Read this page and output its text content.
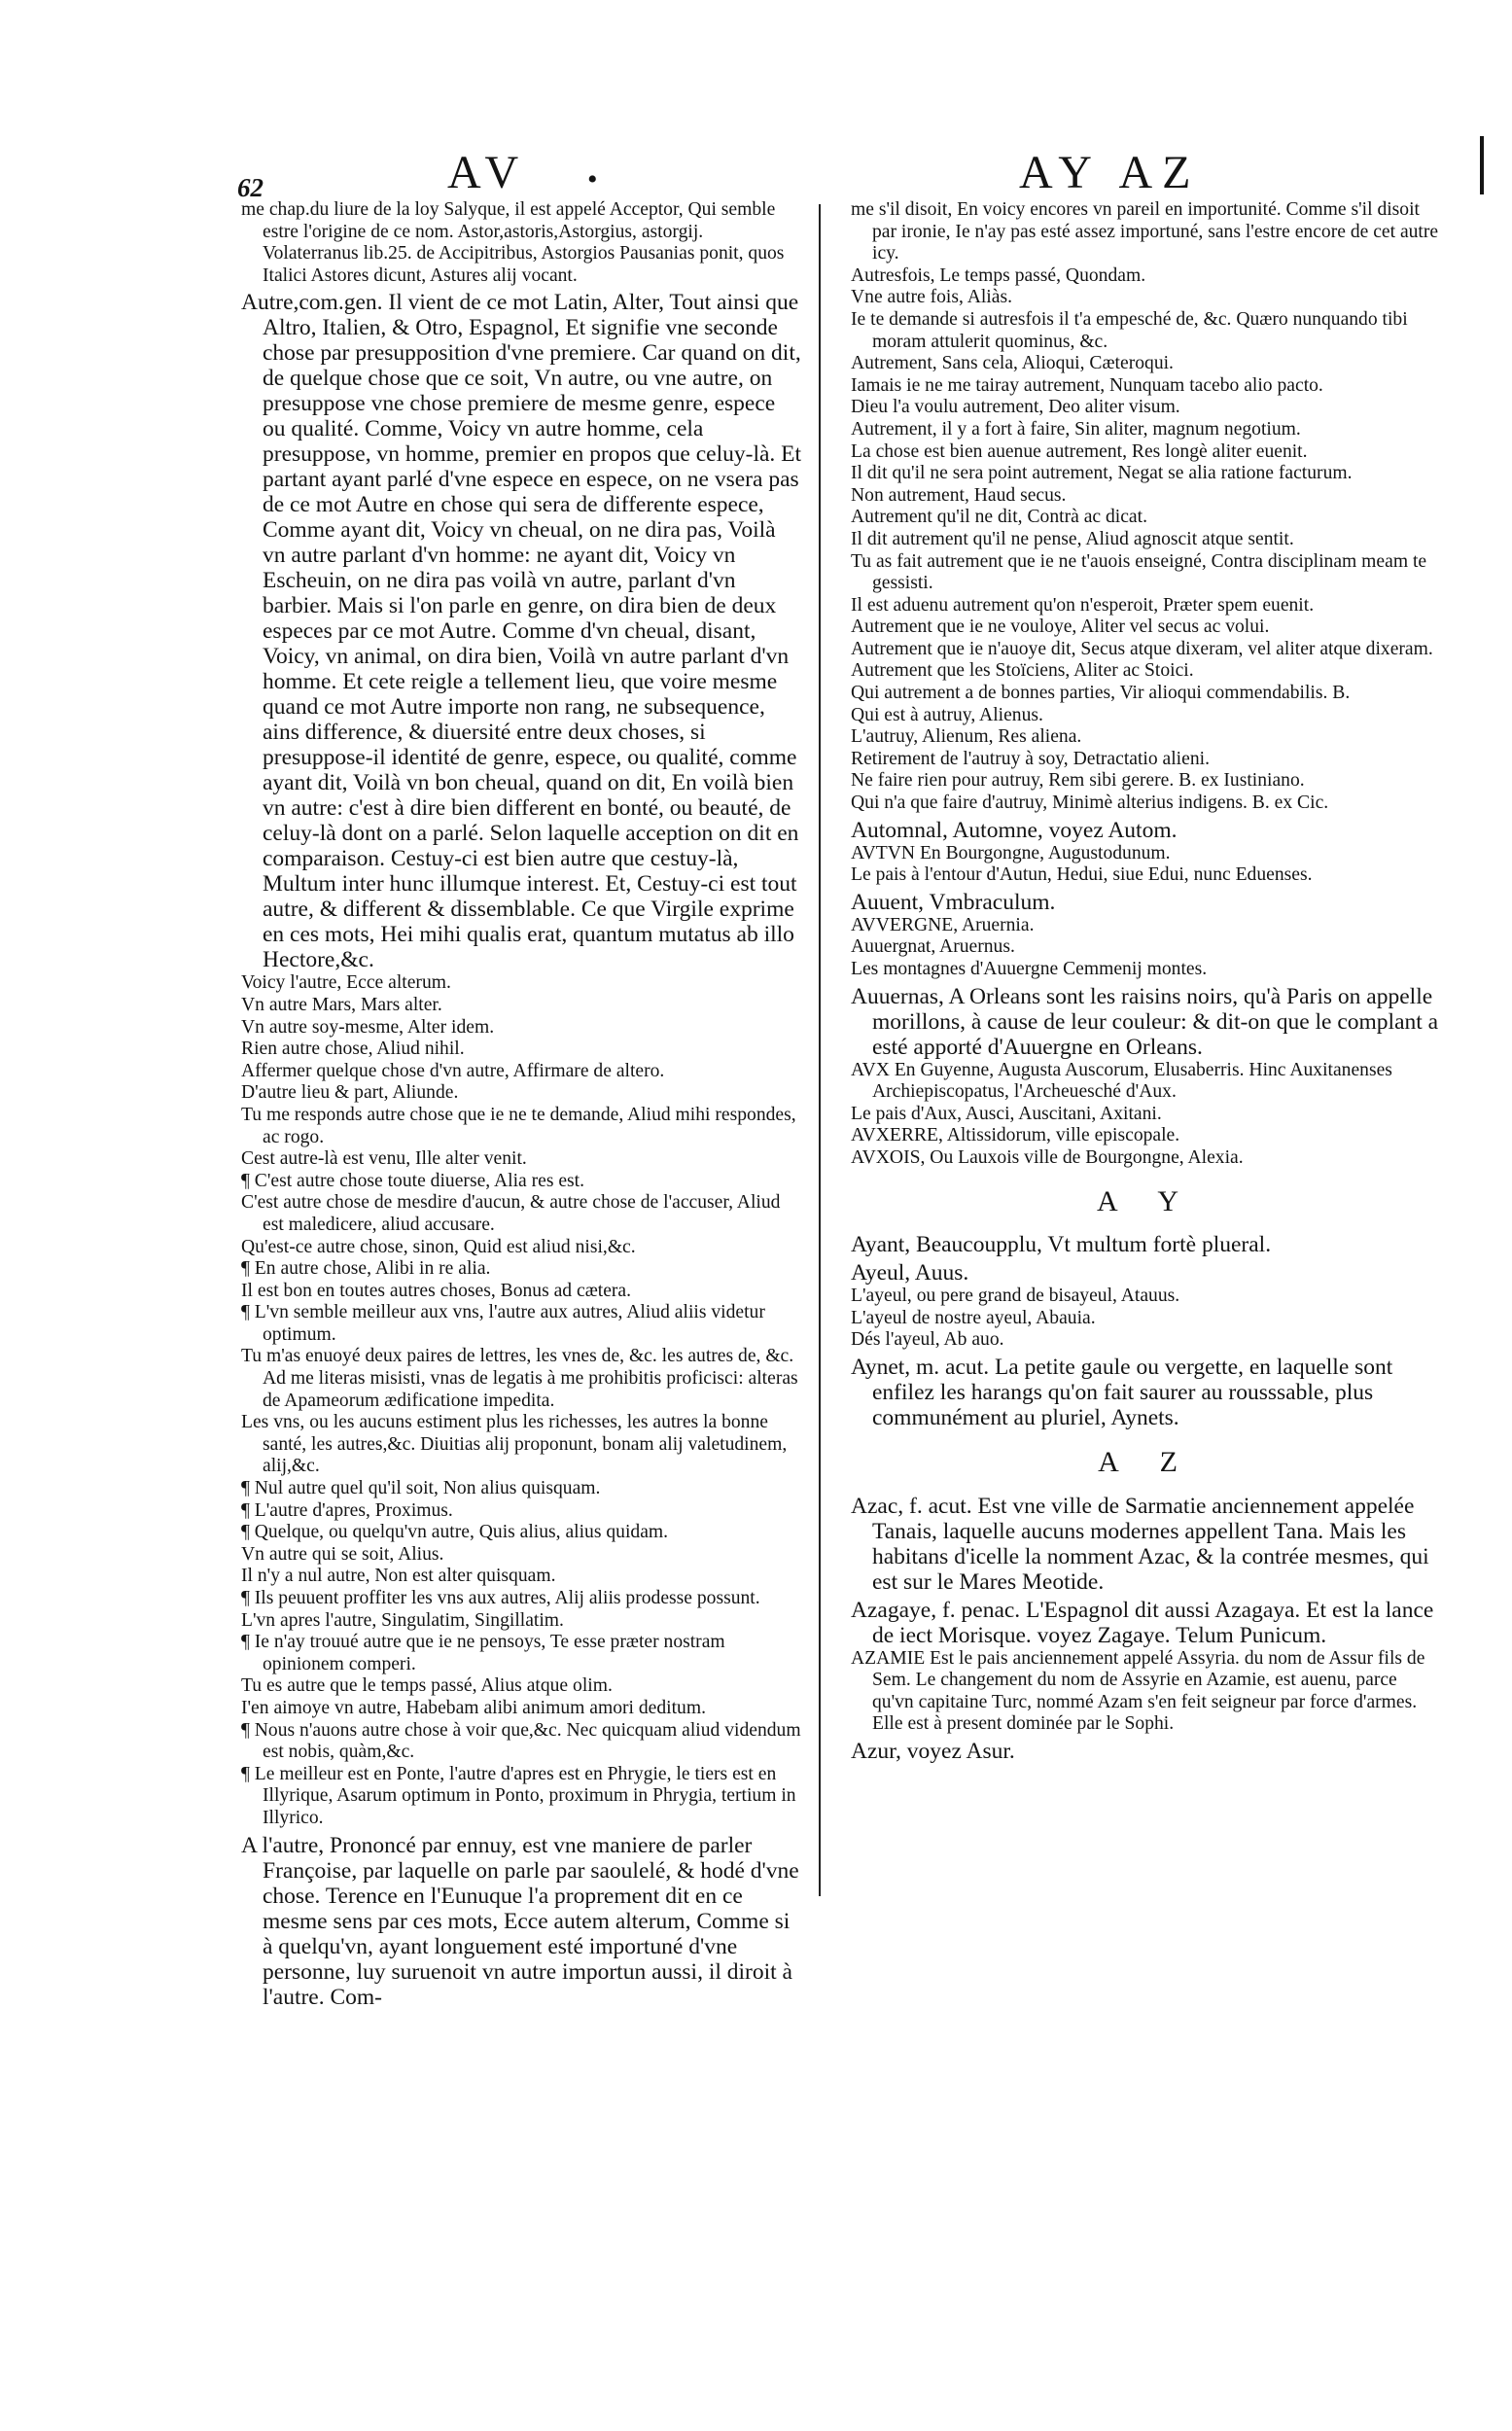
62	AV •	AY AZ

me chap.du liure de la loy Salyque, il est appelé Acceptor, Qui semble estre l'origine de ce nom. Astor,astoris,Astorgius, astorgij. Volaterranus lib.25. de Accipitribus, Astorgios Pausanias ponit, quos Italici Astores dicunt, Astures alij vocant.

Autre,com.gen. Il vient de ce mot Latin, Alter, Tout ainsi que Altro, Italien, & Otro, Espagnol, Et signifie vne seconde chose par presupposition d'vne premiere. Car quand on dit, de quelque chose que ce soit, Vn autre, ou vne autre, on presuppose vne chose premiere de mesme genre, espece ou qualité. Comme, Voicy vn autre homme, cela presuppose, vn homme, premier en propos que celuy-là. Et partant ayant parlé d'vne espece en espece, on ne vsera pas de ce mot Autre en chose qui sera de differente espece, Comme ayant dit, Voicy vn cheual, on ne dira pas, Voilà vn autre parlant d'vn homme: ne ayant dit, Voicy vn Escheuin, on ne dira pas voilà vn autre, parlant d'vn barbier. Mais si l'on parle en genre, on dira bien de deux especes par ce mot Autre. Comme d'vn cheual, disant, Voicy, vn animal, on dira bien, Voilà vn autre parlant d'vn homme. Et cete reigle a tellement lieu, que voire mesme quand ce mot Autre importe non rang, ne subsequence, ains difference, & diuersité entre deux choses, si presuppose-il identité de genre, espece, ou qualité, comme ayant dit, Voilà vn bon cheual, quand on dit, En voilà bien vn autre: c'est à dire bien different en bonté, ou beauté, de celuy-là dont on a parlé. Selon laquelle acception on dit en comparaison. Cestuy-ci est bien autre que cestuy-là, Multum inter hunc illumque interest. Et, Cestuy-ci est tout autre, & different & dissemblable. Ce que Virgile exprime en ces mots, Hei mihi qualis erat, quantum mutatus ab illo Hectore,&c.

Voicy l'autre, Ecce alterum.

Vn autre Mars, Mars alter.

Vn autre soy-mesme, Alter idem.

Rien autre chose, Aliud nihil.

Affermer quelque chose d'vn autre, Affirmare de altero.

D'autre lieu & part, Aliunde.

Tu me responds autre chose que ie ne te demande, Aliud mihi respondes, ac rogo.

Cest autre-là est venu, Ille alter venit.

¶ C'est autre chose toute diuerse, Alia res est.

C'est autre chose de mesdire d'aucun, & autre chose de l'accuser, Aliud est maledicere, aliud accusare.

Qu'est-ce autre chose, sinon, Quid est aliud nisi,&c.

¶ En autre chose, Alibi in re alia.

Il est bon en toutes autres choses, Bonus ad cætera.

¶ L'vn semble meilleur aux vns, l'autre aux autres, Aliud aliis videtur optimum.

Tu m'as enuoyé deux paires de lettres, les vnes de, &c. les autres de, &c. Ad me literas misisti, vnas de legatis à me prohibitis proficisci: alteras de Apameorum ædificatione impedita.

Les vns, ou les aucuns estiment plus les richesses, les autres la bonne santé, les autres,&c. Diuitias alij proponunt, bonam alij valetudinem, alij,&c.

¶ Nul autre quel qu'il soit, Non alius quisquam.

¶ L'autre d'apres, Proximus.

¶ Quelque, ou quelqu'vn autre, Quis alius, alius quidam.

Vn autre qui se soit, Alius.

Il n'y a nul autre, Non est alter quisquam.

¶ Ils peuuent proffiter les vns aux autres, Alij aliis prodesse possunt.

L'vn apres l'autre, Singulatim, Singillatim.

¶ Ie n'ay trouué autre que ie ne pensoys, Te esse præter nostram opinionem comperi.

Tu es autre que le temps passé, Alius atque olim.

I'en aimoye vn autre, Habebam alibi animum amori deditum.

¶ Nous n'auons autre chose à voir que,&c. Nec quicquam aliud videndum est nobis, quàm,&c.

¶ Le meilleur est en Ponte, l'autre d'apres est en Phrygie, le tiers est en Illyrique, Asarum optimum in Ponto, proximum in Phrygia, tertium in Illyrico.

A l'autre, Prononcé par ennuy, est vne maniere de parler Françoise, par laquelle on parle par saoulelé, & hodé d'vne chose. Terence en l'Eunuque l'a proprement dit en ce mesme sens par ces mots, Ecce autem alterum, Comme si à quelqu'vn, ayant longuement esté importuné d'vne personne, luy suruenoit vn autre importun aussi, il diroit à l'autre. Com-

me s'il disoit, En voicy encores vn pareil en importunité. Comme s'il disoit par ironie, Ie n'ay pas esté assez importuné, sans l'estre encore de cet autre icy.

Autresfois, Le temps passé, Quondam.

Vne autre fois, Aliàs.

Ie te demande si autresfois il t'a empesché de, &c. Quæro nunquando tibi moram attulerit quominus, &c.

Autrement, Sans cela, Alioqui, Cæteroqui.

Iamais ie ne me tairay autrement, Nunquam tacebo alio pacto.

Dieu l'a voulu autrement, Deo aliter visum.

Autrement, il y a fort à faire, Sin aliter, magnum negotium.

La chose est bien auenue autrement, Res longè aliter euenit.

Il dit qu'il ne sera point autrement, Negat se alia ratione facturum.

Non autrement, Haud secus.

Autrement qu'il ne dit, Contrà ac dicat.

Il dit autrement qu'il ne pense, Aliud agnoscit atque sentit.

Tu as fait autrement que ie ne t'auois enseigné, Contra disciplinam meam te gessisti.

Il est aduenu autrement qu'on n'esperoit, Præter spem euenit.

Autrement que ie ne vouloye, Aliter vel secus ac volui.

Autrement que ie n'auoye dit, Secus atque dixeram, vel aliter atque dixeram.

Autrement que les Stoïciens, Aliter ac Stoici.

Qui autrement a de bonnes parties, Vir alioqui commendabilis. B.

Qui est à autruy, Alienus.

L'autruy, Alienum, Res aliena.

Retirement de l'autruy à soy, Detractatio alieni.

Ne faire rien pour autruy, Rem sibi gerere. B. ex Iustiniano.

Qui n'a que faire d'autruy, Minimè alterius indigens. B. ex Cic.

Automnal, Automne, voyez Autom.

AVTVN En Bourgongne, Augustodunum.

Le pais à l'entour d'Autun, Hedui, siue Edui, nunc Eduenses.

Auuent, Vmbraculum.

AVVERGNE, Aruernia.

Auuergnat, Aruernus.

Les montagnes d'Auuergne Cemmenij montes.

Auuernas, A Orleans sont les raisins noirs, qu'à Paris on appelle morillons, à cause de leur couleur: & dit-on que le complant a esté apporté d'Auuergne en Orleans.

AVX En Guyenne, Augusta Auscorum, Elusaberris. Hinc Auxitanenses Archiepiscopatus, l'Archeuesché d'Aux.

Le pais d'Aux, Ausci, Auscitani, Axitani.

AVXERRE, Altissidorum, ville episcopale.

AVXOIS, Ou Lauxois ville de Bourgongne, Alexia.

A Y

Ayant, Beaucoupplu, Vt multum fortè plueral.

Ayeul, Auus.

L'ayeul, ou pere grand de bisayeul, Atauus.

L'ayeul de nostre ayeul, Abauia.

Dés l'ayeul, Ab auo.

Aynet, m. acut. La petite gaule ou vergette, en laquelle sont enfilez les harangs qu'on fait saurer au rousssable, plus communément au pluriel, Aynets.

A Z

Azac, f. acut. Est vne ville de Sarmatie anciennement appelée Tanais, laquelle aucuns modernes appellent Tana. Mais les habitans d'icelle la nomment Azac, & la contrée mesmes, qui est sur le Mares Meotide.

Azagaye, f. penac. L'Espagnol dit aussi Azagaya. Et est la lance de iect Morisque. voyez Zagaye. Telum Punicum.

AZAMIE Est le pais anciennement appelé Assyria. du nom de Assur fils de Sem. Le changement du nom de Assyrie en Azamie, est auenu, parce qu'vn capitaine Turc, nommé Azam s'en feit seigneur par force d'armes. Elle est à present dominée par le Sophi.

Azur, voyez Asur.
